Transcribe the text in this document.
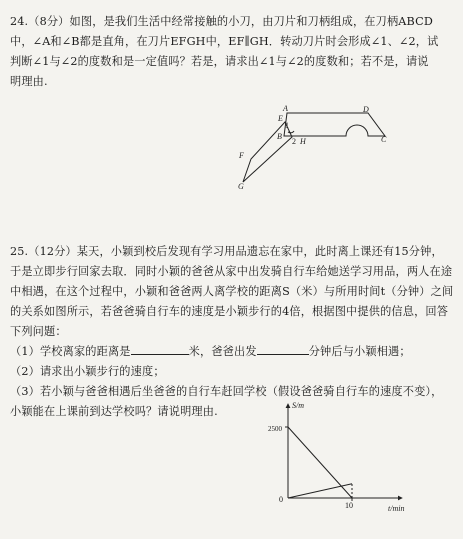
24.（8分）如图，是我们生活中经常接触的小刀，由刀片和刀柄组成，在刀柄ABCD
中，∠A和∠B都是直角，在刀片EFGH中，EF∥GH．转动刀片时会形成∠1、∠2，试
判断∠1与∠2的度数和是一定值吗？若是，请求出∠1与∠2的度数和；若不是，请说
明理由.
A	D
E
1
B
2 H	C
F
G
25.（12分）某天，小颖到校后发现有学习用品遗忘在家中，此时离上课还有15分钟，
于是立即步行回家去取．同时小颖的爸爸从家中出发骑自行车给她送学习用品，两人在途
中相遇，在这个过程中，小颖和爸爸两人离学校的距离S（米）与所用时间t（分钟）之间
的关系如图所示，若爸爸骑自行车的速度是小颖步行的4倍，根据图中提供的信息，回答
下列问题：
（1）学校离家的距离是	米，爸爸出发	分钟后与小颖相遇；
（2）请求出小颖步行的速度；
（3）若小颖与爸爸相遇后坐爸爸的自行车赶回学校（假设爸爸骑自行车的速度不变），
小颖能在上课前到达学校吗？请说明理由.	S/m
t/min
0
2500
10
